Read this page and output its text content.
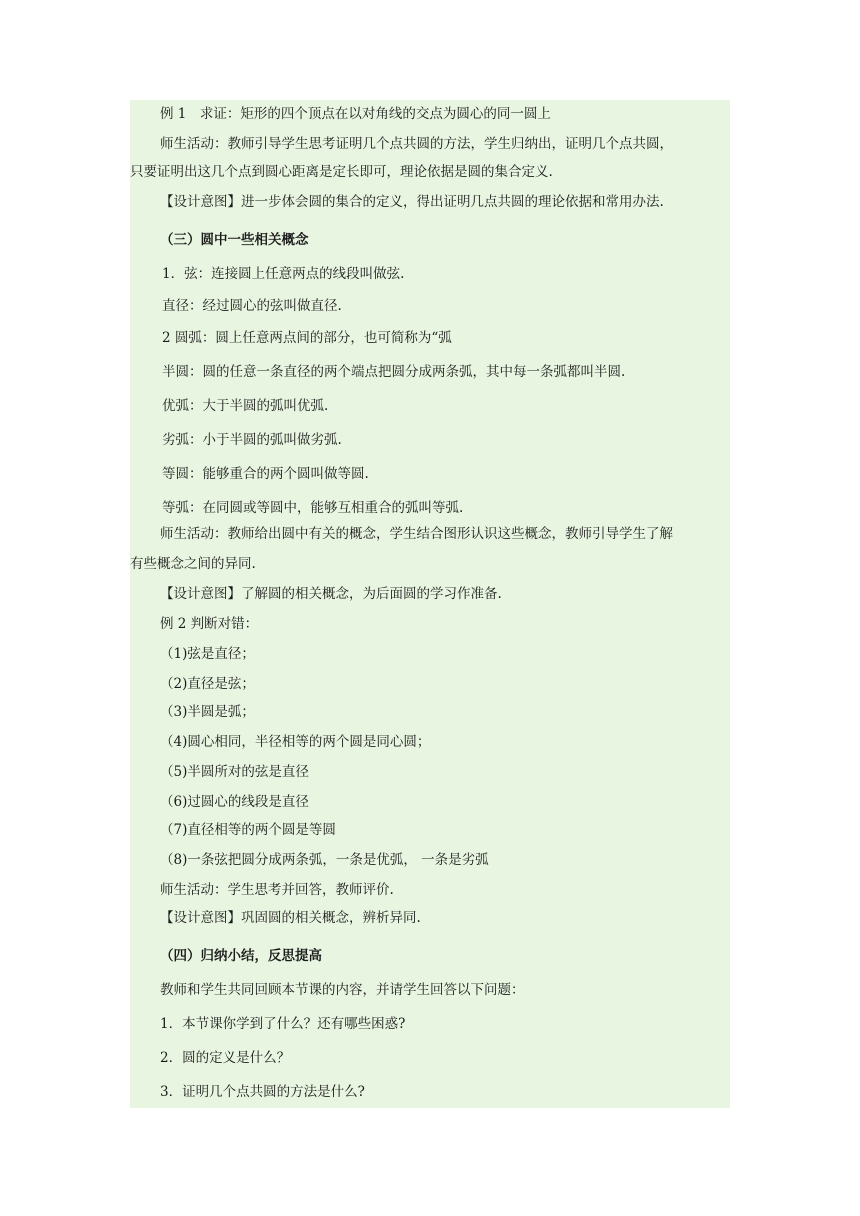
例 1　求证：矩形的四个顶点在以对角线的交点为圆心的同一圆上
师生活动：教师引导学生思考证明几个点共圆的方法，学生归纳出，证明几个点共圆，
只要证明出这几个点到圆心距离是定长即可，理论依据是圆的集合定义.
【设计意图】进一步体会圆的集合的定义，得出证明几点共圆的理论依据和常用办法.
（三）圆中一些相关概念
1．弦：连接圆上任意两点的线段叫做弦.
直径：经过圆心的弦叫做直径.
2 圆弧：圆上任意两点间的部分，也可简称为“弧
半圆：圆的任意一条直径的两个端点把圆分成两条弧，其中每一条弧都叫半圆.
优弧：大于半圆的弧叫优弧.
劣弧：小于半圆的弧叫做劣弧.
等圆：能够重合的两个圆叫做等圆.
等弧：在同圆或等圆中，能够互相重合的弧叫等弧.
师生活动：教师给出圆中有关的概念，学生结合图形认识这些概念，教师引导学生了解
有些概念之间的异同.
【设计意图】了解圆的相关概念，为后面圆的学习作准备.
例 2 判断对错：
（1)弦是直径；
（2)直径是弦；
（3)半圆是弧；
（4)圆心相同，半径相等的两个圆是同心圆；
（5)半圆所对的弦是直径
（6)过圆心的线段是直径
（7)直径相等的两个圆是等圆
（8)一条弦把圆分成两条弧，一条是优弧， 一条是劣弧
师生活动：学生思考并回答，教师评价.
【设计意图】巩固圆的相关概念，辨析异同.
（四）归纳小结，反思提高
教师和学生共同回顾本节课的内容，并请学生回答以下问题：
1．本节课你学到了什么？还有哪些困惑?
2．圆的定义是什么？
3．证明几个点共圆的方法是什么?
